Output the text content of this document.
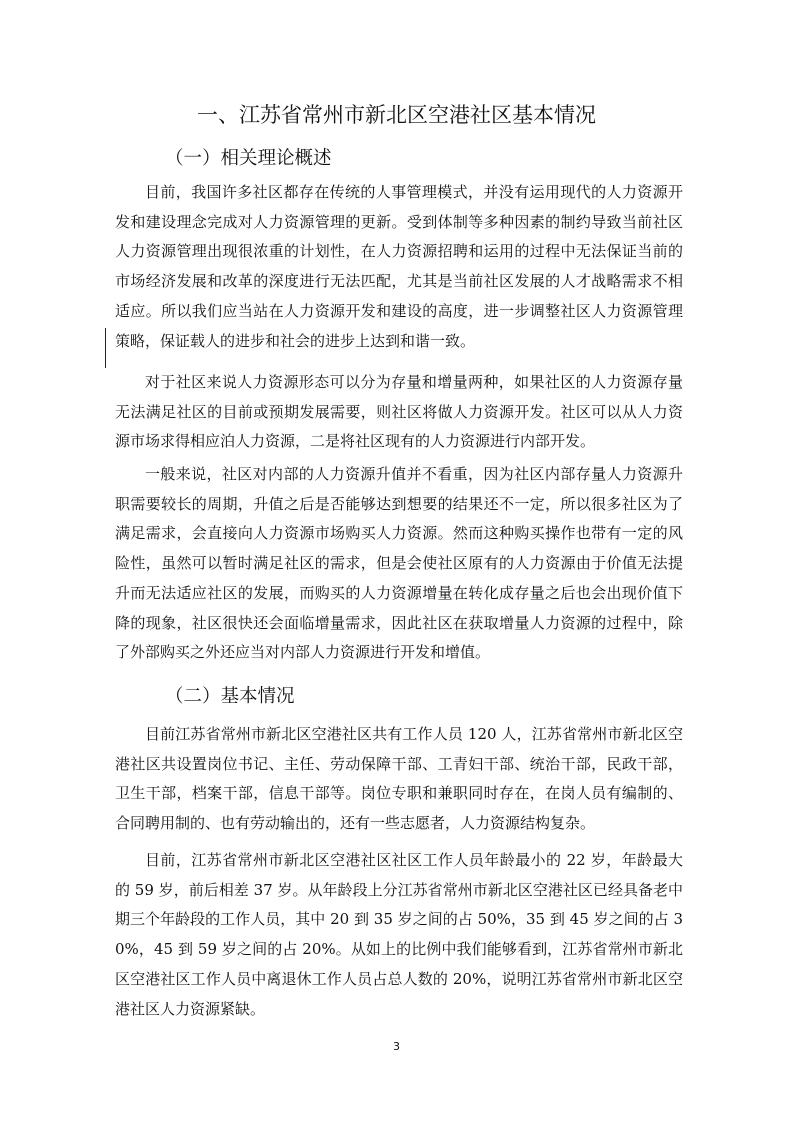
一、江苏省常州市新北区空港社区基本情况
（一）相关理论概述

目前，我国许多社区都存在传统的人事管理模式，并没有运用现代的人力资源开发和建设理念完成对人力资源管理的更新。受到体制等多种因素的制约导致当前社区人力资源管理出现很浓重的计划性，在人力资源招聘和运用的过程中无法保证当前的市场经济发展和改革的深度进行无法匹配，尤其是当前社区发展的人才战略需求不相适应。所以我们应当站在人力资源开发和建设的高度，进一步调整社区人力资源管理策略，保证载人的进步和社会的进步上达到和谐一致。

对于社区来说人力资源形态可以分为存量和增量两种，如果社区的人力资源存量无法满足社区的目前或预期发展需要，则社区将做人力资源开发。社区可以从人力资源市场求得相应泊人力资源，二是将社区现有的人力资源进行内部开发。

一般来说，社区对内部的人力资源升值并不看重，因为社区内部存量人力资源升职需要较长的周期，升值之后是否能够达到想要的结果还不一定，所以很多社区为了满足需求，会直接向人力资源市场购买人力资源。然而这种购买操作也带有一定的风险性，虽然可以暂时满足社区的需求，但是会使社区原有的人力资源由于价值无法提升而无法适应社区的发展，而购买的人力资源增量在转化成存量之后也会出现价值下降的现象，社区很快还会面临增量需求，因此社区在获取增量人力资源的过程中，除了外部购买之外还应当对内部人力资源进行开发和增值。

（二）基本情况

目前江苏省常州市新北区空港社区共有工作人员 120 人，江苏省常州市新北区空港社区共设置岗位书记、主任、劳动保障干部、工青妇干部、统治干部，民政干部，卫生干部，档案干部，信息干部等。岗位专职和兼职同时存在，在岗人员有编制的、合同聘用制的、也有劳动输出的，还有一些志愿者，人力资源结构复杂。

目前，江苏省常州市新北区空港社区社区工作人员年龄最小的 22 岁，年龄最大的 59 岁，前后相差 37 岁。从年龄段上分江苏省常州市新北区空港社区已经具备老中期三个年龄段的工作人员，其中 20 到 35 岁之间的占 50%，35 到 45 岁之间的占 30%，45 到 59 岁之间的占 20%。从如上的比例中我们能够看到，江苏省常州市新北区空港社区工作人员中离退休工作人员占总人数的 20%，说明江苏省常州市新北区空港社区人力资源紧缺。

3
